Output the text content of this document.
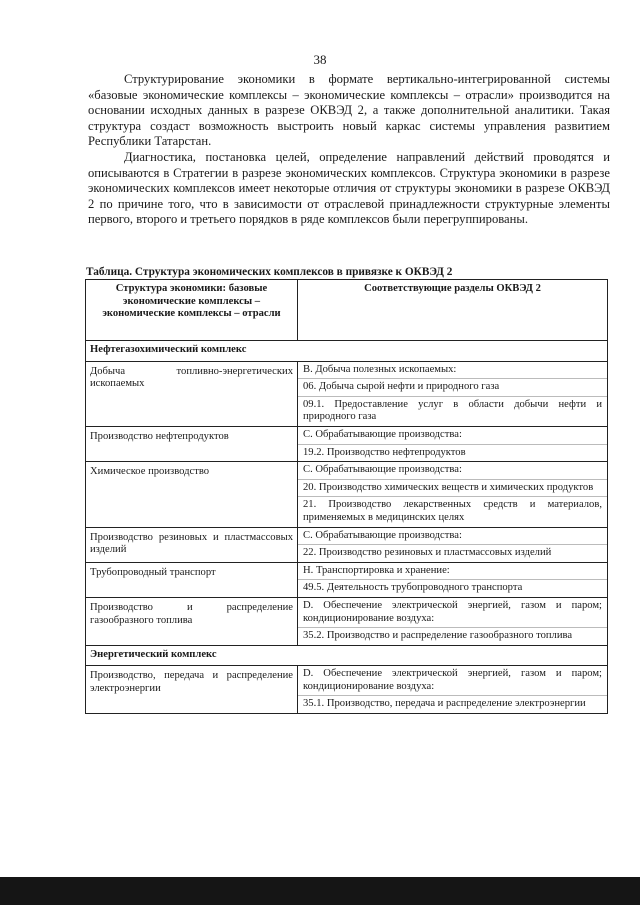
38

Структурирование экономики в формате вертикально-интегрированной системы «базовые экономические комплексы – экономические комплексы – отрасли» производится на основании исходных данных в разрезе ОКВЭД 2, а также дополнительной аналитики. Такая структура создаст возможность выстроить новый каркас системы управления развитием Республики Татарстан.

Диагностика, постановка целей, определение направлений действий проводятся и описываются в Стратегии в разрезе экономических комплексов. Структура экономики в разрезе экономических комплексов имеет некоторые отличия от структуры экономики в разрезе ОКВЭД 2 по причине того, что в зависимости от отраслевой принадлежности структурные элементы первого, второго и третьего порядков в ряде комплексов были перегруппированы.

Таблица. Структура экономических комплексов в привязке к ОКВЭД 2
Структура экономики: базовые экономические комплексы – экономические комплексы – отрасли	Соответствующие разделы ОКВЭД 2
Нефтегазохимический комплекс	
Добыча топливно-энергетических ископаемых	B. Добыча полезных ископаемых:
06. Добыча сырой нефти и природного газа
09.1. Предоставление услуг в области добычи нефти и природного газа

Производство нефтепродуктов	C. Обрабатывающие производства:
19.2. Производство нефтепродуктов

Химическое производство	C. Обрабатывающие производства:
20. Производство химических веществ и химических продуктов
21. Производство лекарственных средств и материалов, применяемых в медицинских целях

Производство резиновых и пластмассовых изделий	C. Обрабатывающие производства:
22. Производство резиновых и пластмассовых изделий

Трубопроводный транспорт	H. Транспортировка и хранение:
49.5. Деятельность трубопроводного транспорта

Производство и распределение газообразного топлива	D. Обеспечение электрической энергией, газом и паром; кондиционирование воздуха:
35.2. Производство и распределение газообразного топлива

Энергетический комплекс	
Производство, передача и распределение электроэнергии	D. Обеспечение электрической энергией, газом и паром; кондиционирование воздуха:
35.1. Производство, передача и распределение электроэнергии
